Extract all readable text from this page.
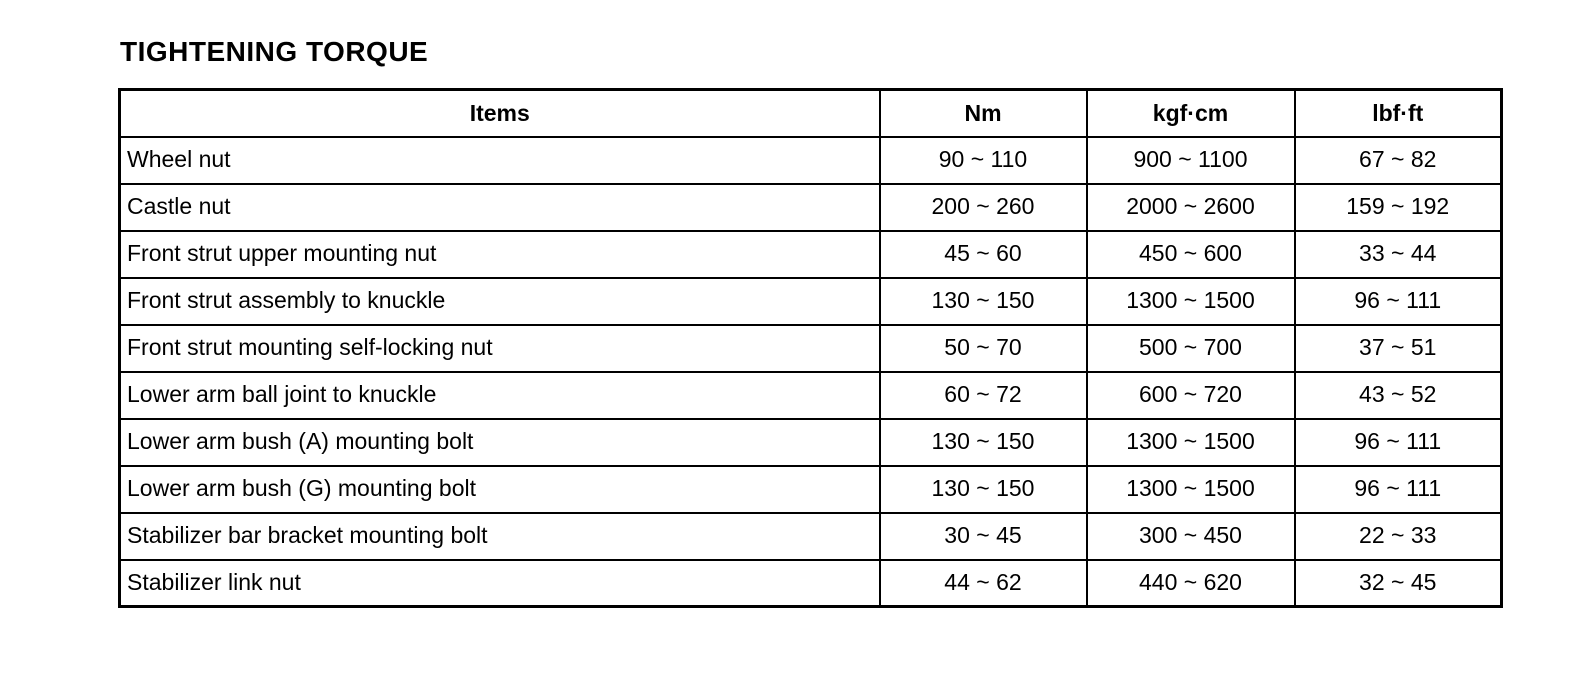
TIGHTENING TORQUE
Items	Nm	kgf·cm	lbf·ft
Wheel nut	90 ~ 110	900 ~ 1100	67 ~ 82
Castle nut	200 ~ 260	2000 ~ 2600	159 ~ 192
Front strut upper mounting nut	45 ~ 60	450 ~ 600	33 ~ 44
Front strut assembly to knuckle	130 ~ 150	1300 ~ 1500	96 ~ 111
Front strut mounting self-locking nut	50 ~ 70	500 ~ 700	37 ~ 51
Lower arm ball joint to knuckle	60 ~ 72	600 ~ 720	43 ~ 52
Lower arm bush (A) mounting bolt	130 ~ 150	1300 ~ 1500	96 ~ 111
Lower arm bush (G) mounting bolt	130 ~ 150	1300 ~ 1500	96 ~ 111
Stabilizer bar bracket mounting bolt	30 ~ 45	300 ~ 450	22 ~ 33
Stabilizer link nut	44 ~ 62	440 ~ 620	32 ~ 45
